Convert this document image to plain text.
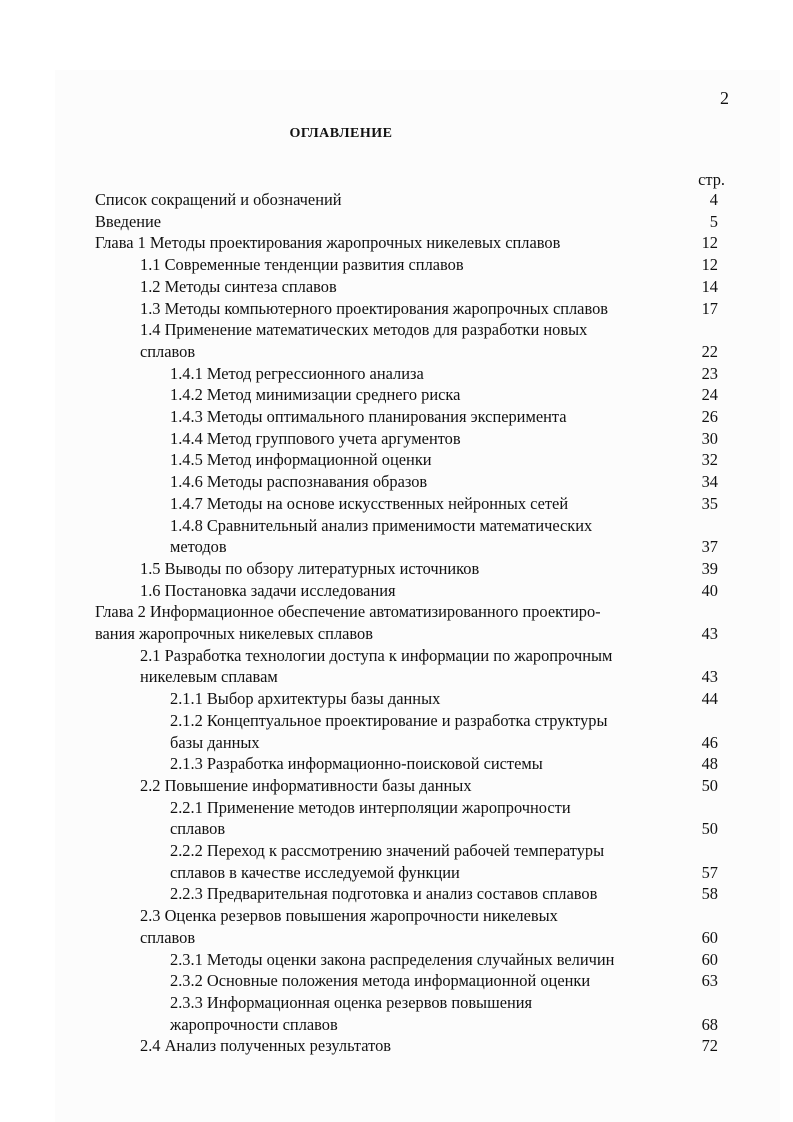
2
ОГЛАВЛЕНИЕ
стр.
Список сокращений и обозначений	4
Введение	5
Глава 1 Методы проектирования жаропрочных никелевых сплавов	12
1.1 Современные тенденции развития сплавов	12
1.2 Методы синтеза сплавов	14
1.3 Методы компьютерного проектирования жаропрочных сплавов	17
1.4 Применение математических методов для разработки новых
сплавов	22
1.4.1 Метод регрессионного анализа	23
1.4.2 Метод минимизации среднего риска	24
1.4.3 Методы оптимального планирования эксперимента	26
1.4.4 Метод группового учета аргументов	30
1.4.5 Метод информационной оценки	32
1.4.6 Методы распознавания образов	34
1.4.7 Методы на основе искусственных нейронных сетей	35
1.4.8 Сравнительный анализ применимости математических
методов	37
1.5 Выводы по обзору литературных источников	39
1.6 Постановка задачи исследования	40
Глава 2 Информационное обеспечение автоматизированного проектиро-
вания жаропрочных никелевых сплавов	43
2.1 Разработка технологии доступа к информации по жаропрочным
никелевым сплавам	43
2.1.1 Выбор архитектуры базы данных	44
2.1.2 Концептуальное проектирование и разработка структуры
базы данных	46
2.1.3 Разработка информационно-поисковой системы	48
2.2 Повышение информативности базы данных	50
2.2.1 Применение методов интерполяции жаропрочности
сплавов	50
2.2.2 Переход к рассмотрению значений рабочей температуры
сплавов в качестве исследуемой функции	57
2.2.3 Предварительная подготовка и анализ составов сплавов	58
2.3 Оценка резервов повышения жаропрочности никелевых
сплавов	60
2.3.1 Методы оценки закона распределения случайных величин	60
2.3.2 Основные положения метода информационной оценки	63
2.3.3 Информационная оценка резервов повышения
жаропрочности сплавов	68
2.4 Анализ полученных результатов	72
